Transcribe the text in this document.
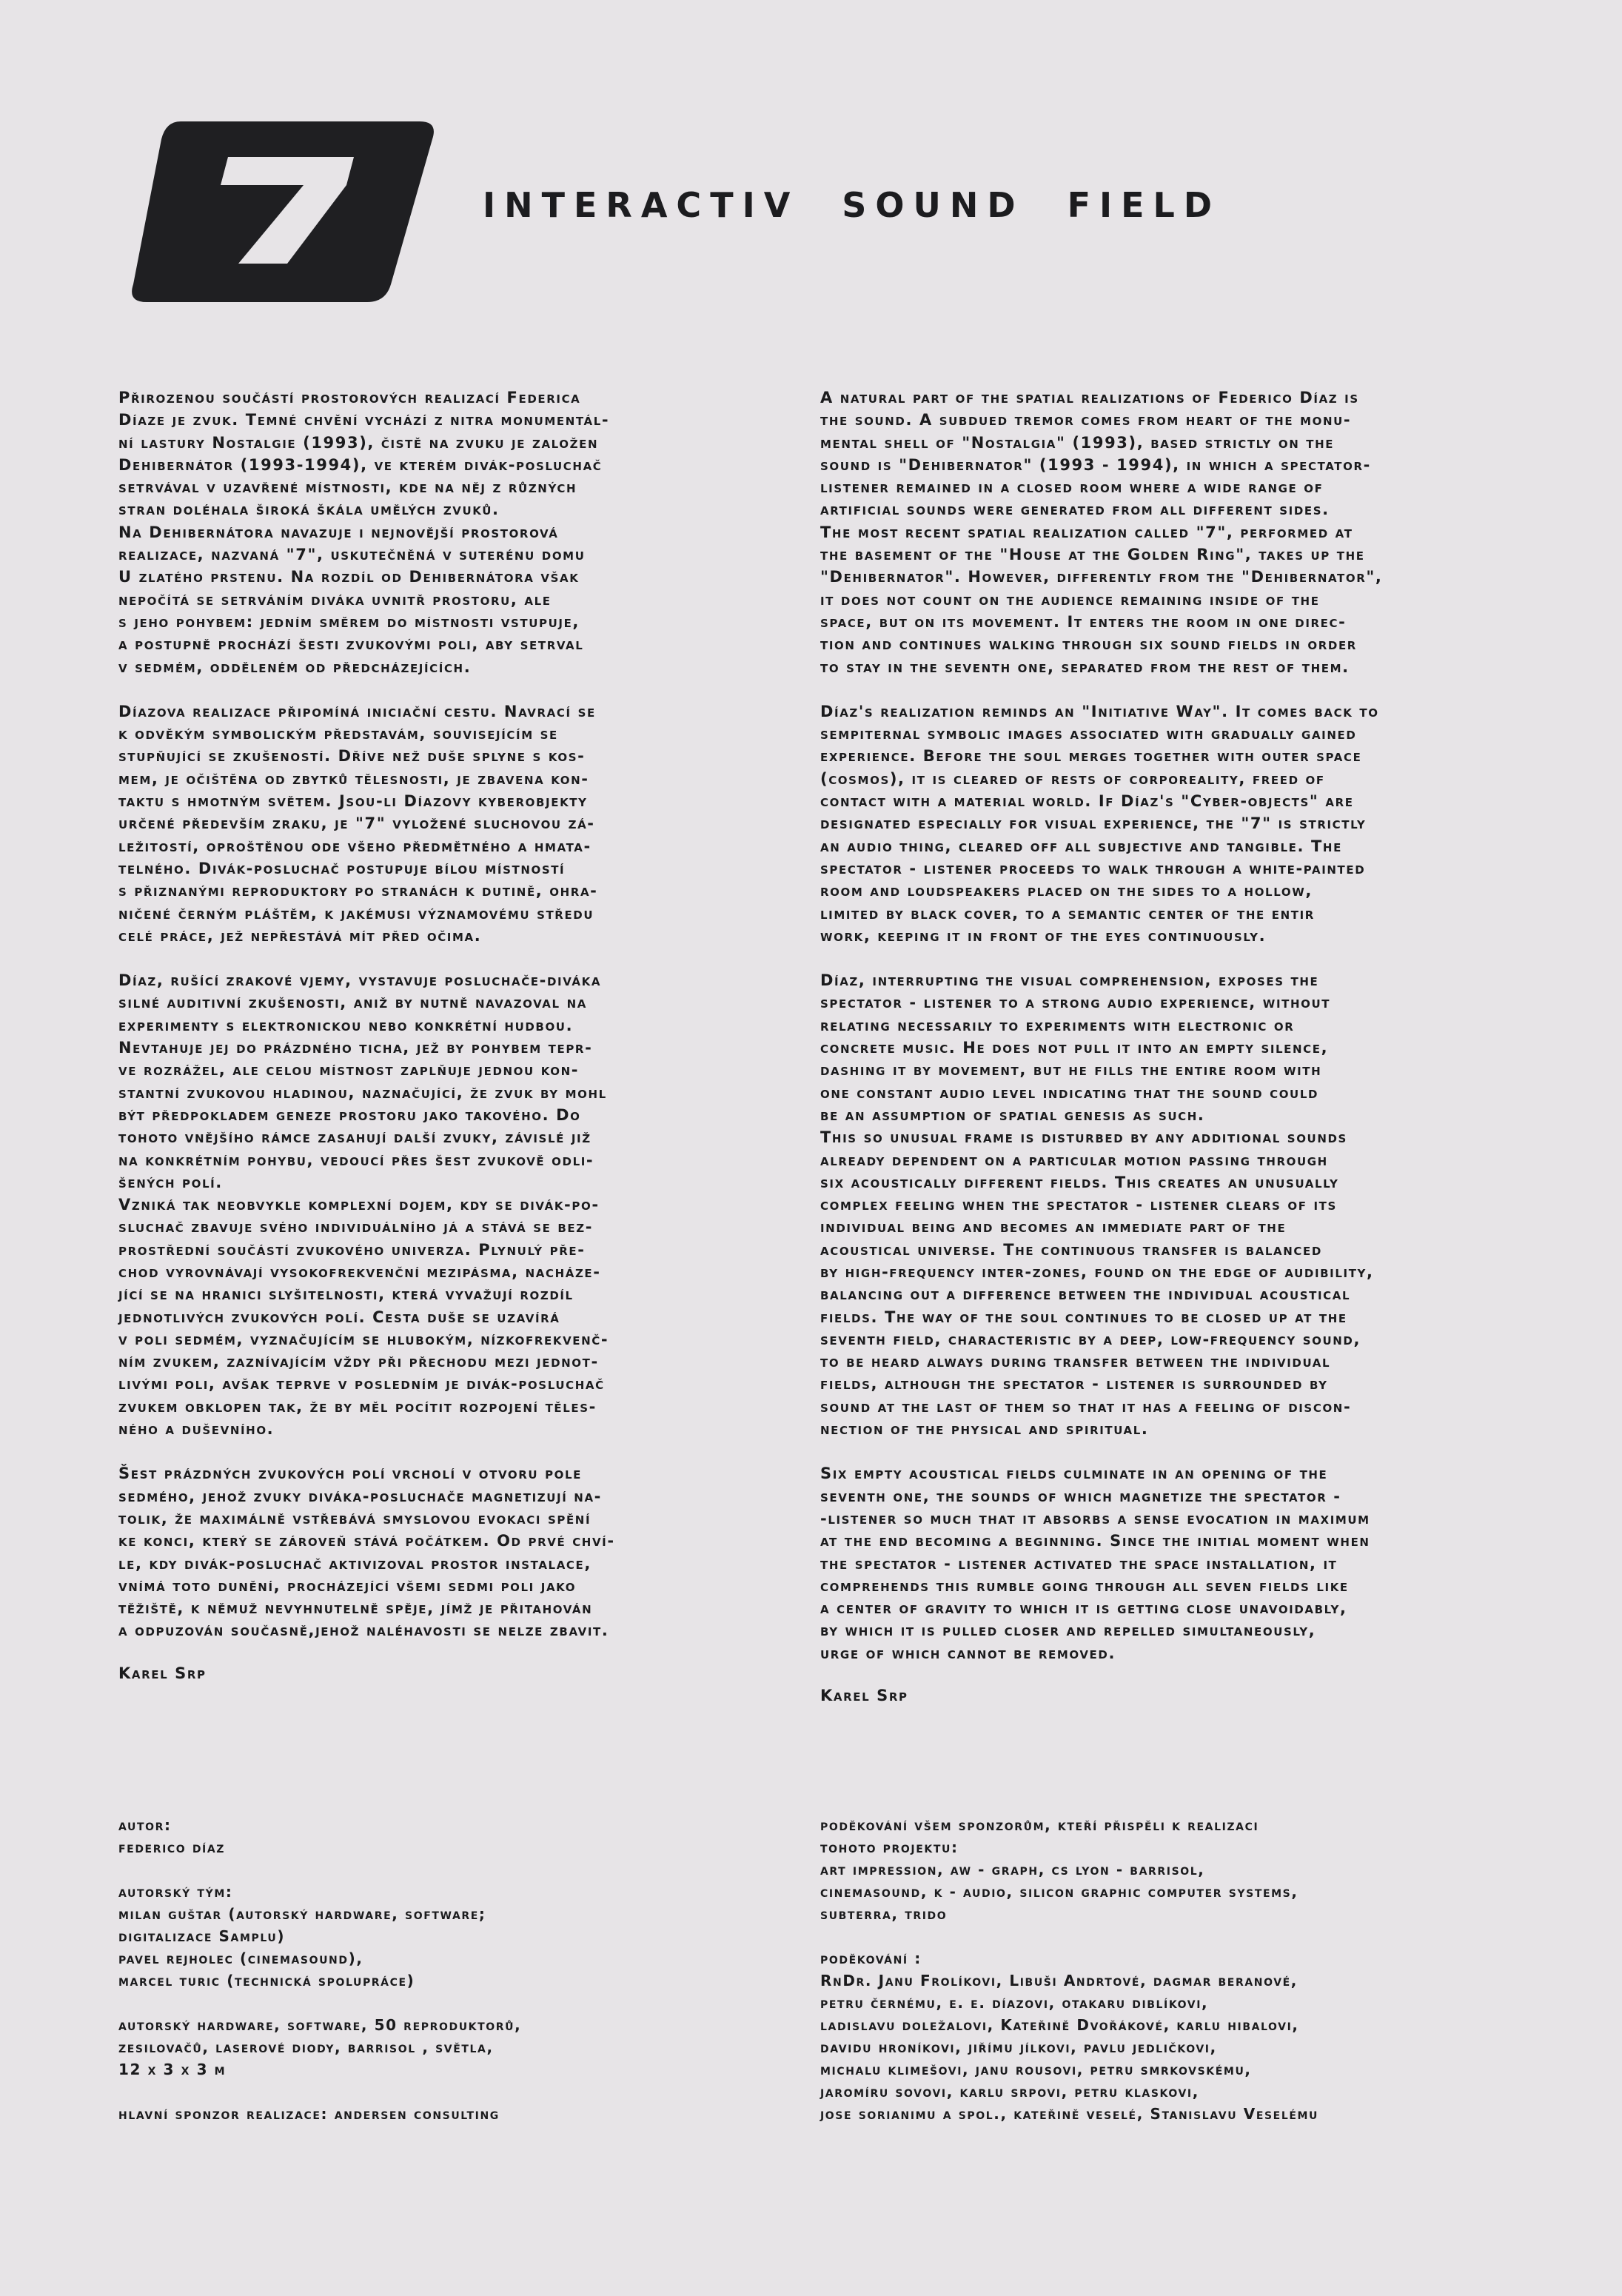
INTERACTIV SOUND FIELD

Přirozenou součástí prostorových realizací Federica
Díaze je zvuk. Temné chvění vychází z nitra monumentál-
ní lastury Nostalgie (1993), čistě na zvuku je založen
Dehibernátor (1993-1994), ve kterém divák-posluchač
setrvával v uzavřené místnosti, kde na něj z různých
stran doléhala široká škála umělých zvuků.
Na Dehibernátora navazuje i nejnovější prostorová
realizace, nazvaná "7", uskutečněná v suterénu domu
U zlatého prstenu. Na rozdíl od Dehibernátora však
nepočítá se setrváním diváka uvnitř prostoru, ale
s jeho pohybem: jedním směrem do místnosti vstupuje,
a postupně prochází šesti zvukovými poli, aby setrval
v sedmém, odděleném od předcházejících.

Díazova realizace připomíná iniciační cestu. Navrací se
k odvěkým symbolickým představám, souvisejícím se
stupňující se zkušeností. Dříve než duše splyne s kos-
mem, je očištěna od zbytků tělesnosti, je zbavena kon-
taktu s hmotným světem. Jsou-li Díazovy kyberobjekty
určené především zraku, je "7" vyložené sluchovou zá-
ležitostí, oproštěnou ode všeho předmětného a hmata-
telného. Divák-posluchač postupuje bílou místností
s přiznanými reproduktory po stranách k dutině, ohra-
ničené černým pláštěm, k jakémusi významovému středu
celé práce, jež nepřestává mít před očima.

Díaz, rušící zrakové vjemy, vystavuje posluchače-diváka
silné auditivní zkušenosti, aniž by nutně navazoval na
experimenty s elektronickou nebo konkrétní hudbou.
Nevtahuje jej do prázdného ticha, jež by pohybem tepr-
ve rozrážel, ale celou místnost zaplňuje jednou kon-
stantní zvukovou hladinou, naznačující, že zvuk by mohl
být předpokladem geneze prostoru jako takového. Do
tohoto vnějšího rámce zasahují další zvuky, závislé již
na konkrétním pohybu, vedoucí přes šest zvukově odli-
šených polí.
Vzniká tak neobvykle komplexní dojem, kdy se divák-po-
sluchač zbavuje svého individuálního já a stává se bez-
prostřední součástí zvukového univerza. Plynulý pře-
chod vyrovnávají vysokofrekvenční mezipásma, nacháze-
jící se na hranici slyšitelnosti, která vyvažují rozdíl
jednotlivých zvukových polí. Cesta duše se uzavírá
v poli sedmém, vyznačujícím se hlubokým, nízkofrekvenč-
ním zvukem, zaznívajícím vždy při přechodu mezi jednot-
livými poli, avšak teprve v posledním je divák-posluchač
zvukem obklopen tak, že by měl pocítit rozpojení těles-
ného a duševního.

Šest prázdných zvukových polí vrcholí v otvoru pole
sedmého, jehož zvuky diváka-posluchače magnetizují na-
tolik, že maximálně vstřebává smyslovou evokaci spění
ke konci, který se zároveň stává počátkem. Od prvé chví-
le, kdy divák-posluchač aktivizoval prostor instalace,
vnímá toto dunění, procházející všemi sedmi poli jako
těžiště, k němuž nevyhnutelně spěje, jímž je přitahován
a odpuzován současně,jehož naléhavosti se nelze zbavit.

Karel Srp

A natural part of the spatial realizations of Federico Díaz is
the sound. A subdued tremor comes from heart of the monu-
mental shell of "Nostalgia" (1993), based strictly on the
sound is "Dehibernator" (1993 - 1994), in which a spectator-
listener remained in a closed room where a wide range of
artificial sounds were generated from all different sides.
The most recent spatial realization called "7", performed at
the basement of the "House at the Golden Ring", takes up the
"Dehibernator". However, differently from the "Dehibernator",
it does not count on the audience remaining inside of the
space, but on its movement. It enters the room in one direc-
tion and continues walking through six sound fields in order
to stay in the seventh one, separated from the rest of them.

Díaz's realization reminds an "Initiative Way". It comes back to
sempiternal symbolic images associated with gradually gained
experience. Before the soul merges together with outer space
(cosmos), it is cleared of rests of corporeality, freed of
contact with a material world. If Díaz's "Cyber-objects" are
designated especially for visual experience, the "7" is strictly
an audio thing, cleared off all subjective and tangible. The
spectator - listener proceeds to walk through a white-painted
room and loudspeakers placed on the sides to a hollow,
limited by black cover, to a semantic center of the entir
work, keeping it in front of the eyes continuously.

Díaz, interrupting the visual comprehension, exposes the
spectator - listener to a strong audio experience, without
relating necessarily to experiments with electronic or
concrete music. He does not pull it into an empty silence,
dashing it by movement, but he fills the entire room with
one constant audio level indicating that the sound could
be an assumption of spatial genesis as such.
This so unusual frame is disturbed by any additional sounds
already dependent on a particular motion passing through
six acoustically different fields. This creates an unusually
complex feeling when the spectator - listener clears of its
individual being and becomes an immediate part of the
acoustical universe. The continuous transfer is balanced
by high-frequency inter-zones, found on the edge of audibility,
balancing out a difference between the individual acoustical
fields. The way of the soul continues to be closed up at the
seventh field, characteristic by a deep, low-frequency sound,
to be heard always during transfer between the individual
fields, although the spectator - listener is surrounded by
sound at the last of them so that it has a feeling of discon-
nection of the physical and spiritual.

Six empty acoustical fields culminate in an opening of the
seventh one, the sounds of which magnetize the spectator -
-listener so much that it absorbs a sense evocation in maximum
at the end becoming a beginning. Since the initial moment when
the spectator - listener activated the space installation, it
comprehends this rumble going through all seven fields like
a center of gravity to which it is getting close unavoidably,
by which it is pulled closer and repelled simultaneously,
urge of which cannot be removed.

Karel Srp

autor:
federico díaz

autorský tým:
milan guštar (autorský hardware, software;
digitalizace Samplu)
pavel rejholec (cinemasound),
marcel turic (technická spolupráce)

autorský hardware, software, 50 reproduktorů,
zesilovačů, laserové diody, barrisol , světla,
12 x 3 x 3 m

hlavní sponzor realizace: andersen consulting

poděkování všem sponzorům, kteří přispěli k realizaci
tohoto projektu:
art impression, aw - graph, cs lyon - barrisol,
cinemasound, k - audio, silicon graphic computer systems,
subterra, trido

poděkování :
RnDr. Janu Frolíkovi, Libuši Andrtové, dagmar beranové,
petru černému, e. e. díazovi, otakaru diblíkovi,
ladislavu doležalovi, Kateřině Dvořákové, karlu hibalovi,
davidu hroníkovi, jiřímu jílkovi, pavlu jedličkovi,
michalu klimešovi, janu rousovi, petru smrkovskému,
jaromíru sovovi, karlu srpovi, petru klaskovi,
jose sorianimu a spol., kateřině veselé, Stanislavu Veselému
